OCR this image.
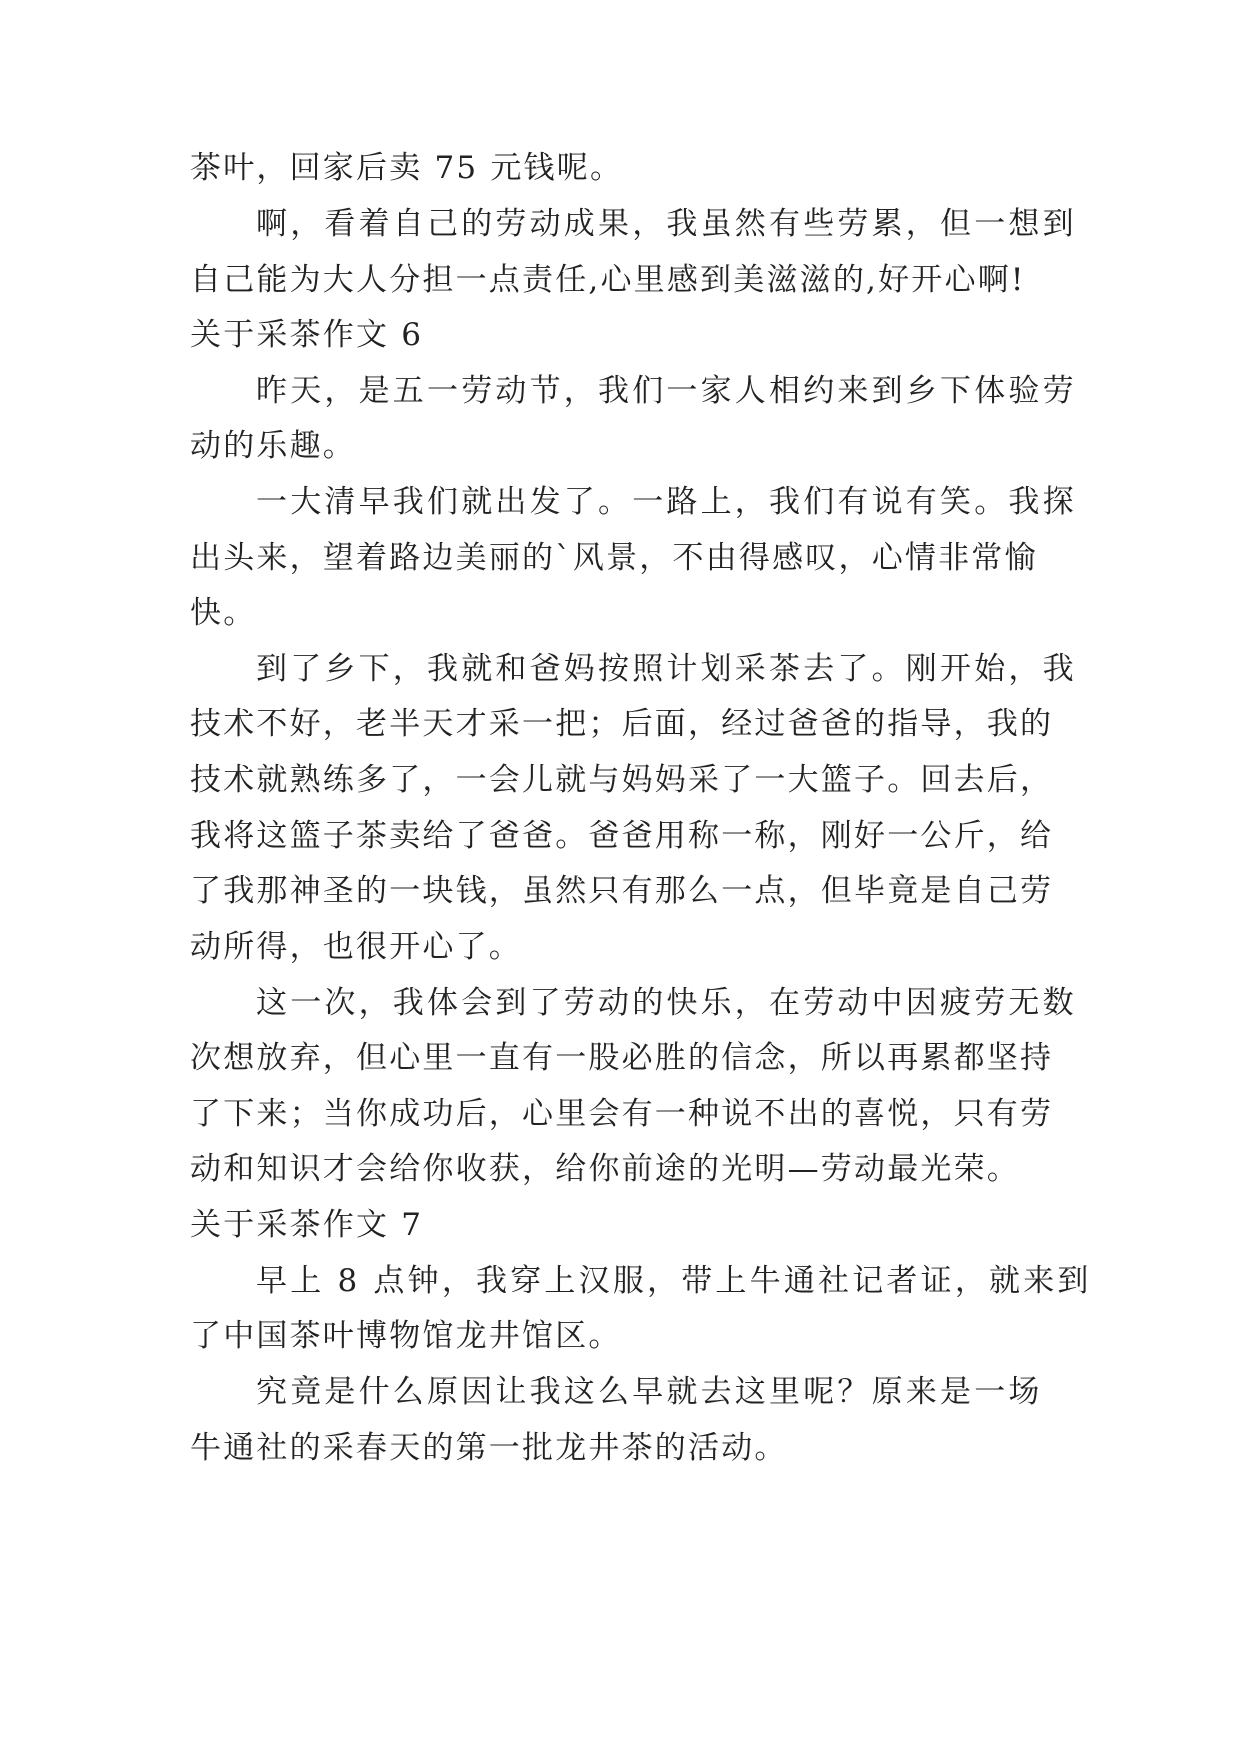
茶叶，回家后卖 75 元钱呢。
啊，看着自己的劳动成果，我虽然有些劳累，但一想到
自己能为大人分担一点责任,心里感到美滋滋的,好开心啊!
关于采茶作文 6
昨天，是五一劳动节，我们一家人相约来到乡下体验劳
动的乐趣。
一大清早我们就出发了。一路上，我们有说有笑。我探
出头来，望着路边美丽的`风景，不由得感叹，心情非常愉
快。
到了乡下，我就和爸妈按照计划采茶去了。刚开始，我
技术不好，老半天才采一把；后面，经过爸爸的指导，我的
技术就熟练多了，一会儿就与妈妈采了一大篮子。回去后，
我将这篮子茶卖给了爸爸。爸爸用称一称，刚好一公斤，给
了我那神圣的一块钱，虽然只有那么一点，但毕竟是自己劳
动所得，也很开心了。
这一次，我体会到了劳动的快乐，在劳动中因疲劳无数
次想放弃，但心里一直有一股必胜的信念，所以再累都坚持
了下来；当你成功后，心里会有一种说不出的喜悦，只有劳
动和知识才会给你收获，给你前途的光明—劳动最光荣。
关于采茶作文 7
早上 8 点钟，我穿上汉服，带上牛通社记者证，就来到
了中国茶叶博物馆龙井馆区。
究竟是什么原因让我这么早就去这里呢？原来是一场
牛通社的采春天的第一批龙井茶的活动。
